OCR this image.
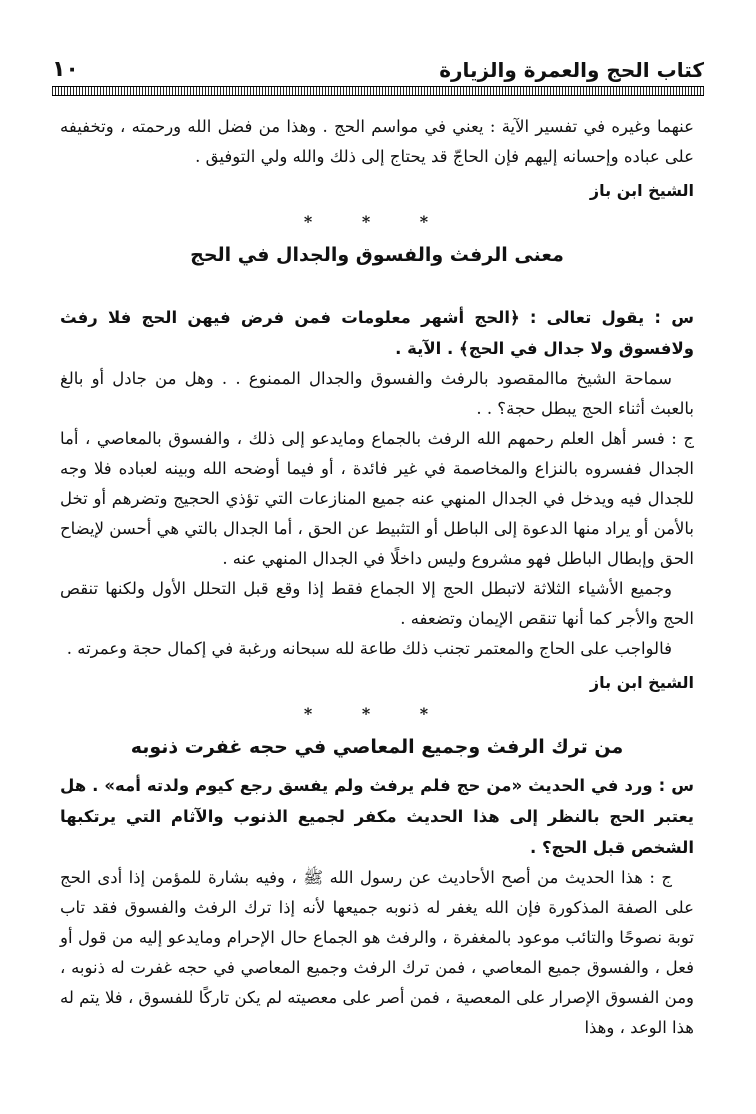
كتاب الحج والعمرة والزيارة
١٠

عنهما وغيره في تفسير الآية : يعني في مواسم الحج . وهذا من فضل الله ورحمته ، وتخفيفه على عباده وإحسانه إليهم فإن الحاجّ قد يحتاج إلى ذلك والله ولي التوفيق .

الشيخ ابن باز
* * *
معنى الرفث والفسوق والجدال في الحج

س : يقول تعالى : ﴿الحج أشهر معلومات فمن فرض فيهن الحج فلا رفث ولافسوق ولا جدال في الحج﴾ . الآية .

سماحة الشيخ ماالمقصود بالرفث والفسوق والجدال الممنوع . . وهل من جادل أو بالغ بالعبث أثناء الحج يبطل حجة؟ . .

ج : فسر أهل العلم رحمهم الله الرفث بالجماع ومايدعو إلى ذلك ، والفسوق بالمعاصي ، أما الجدال ففسروه بالنزاع والمخاصمة في غير فائدة ، أو فيما أوضحه الله وبينه لعباده فلا وجه للجدال فيه ويدخل في الجدال المنهي عنه جميع المنازعات التي تؤذي الحجيج وتضرهم أو تخل بالأمن أو يراد منها الدعوة إلى الباطل أو التثبيط عن الحق ، أما الجدال بالتي هي أحسن لإيضاح الحق وإبطال الباطل فهو مشروع وليس داخلًا في الجدال المنهي عنه .

وجميع الأشياء الثلاثة لاتبطل الحج إلا الجماع فقط إذا وقع قبل التحلل الأول ولكنها تنقص الحج والأجر كما أنها تنقص الإيمان وتضعفه .

فالواجب على الحاج والمعتمر تجنب ذلك طاعة لله سبحانه ورغبة في إكمال حجة وعمرته .

الشيخ ابن باز
* * *
من ترك الرفث وجميع المعاصي في حجه غفرت ذنوبه

س : ورد في الحديث «من حج فلم يرفث ولم يفسق رجع كيوم ولدته أمه» . هل يعتبر الحج بالنظر إلى هذا الحديث مكفر لجميع الذنوب والآثام التي يرتكبها الشخص قبل الحج؟ .

ج : هذا الحديث من أصح الأحاديث عن رسول الله ﷺ ، وفيه بشارة للمؤمن إذا أدى الحج على الصفة المذكورة فإن الله يغفر له ذنوبه جميعها لأنه إذا ترك الرفث والفسوق فقد تاب توبة نصوحًا والتائب موعود بالمغفرة ، والرفث هو الجماع حال الإحرام ومايدعو إليه من قول أو فعل ، والفسوق جميع المعاصي ، فمن ترك الرفث وجميع المعاصي في حجه غفرت له ذنوبه ، ومن الفسوق الإصرار على المعصية ، فمن أصر على معصيته لم يكن تاركًا للفسوق ، فلا يتم له هذا الوعد ، وهذا
